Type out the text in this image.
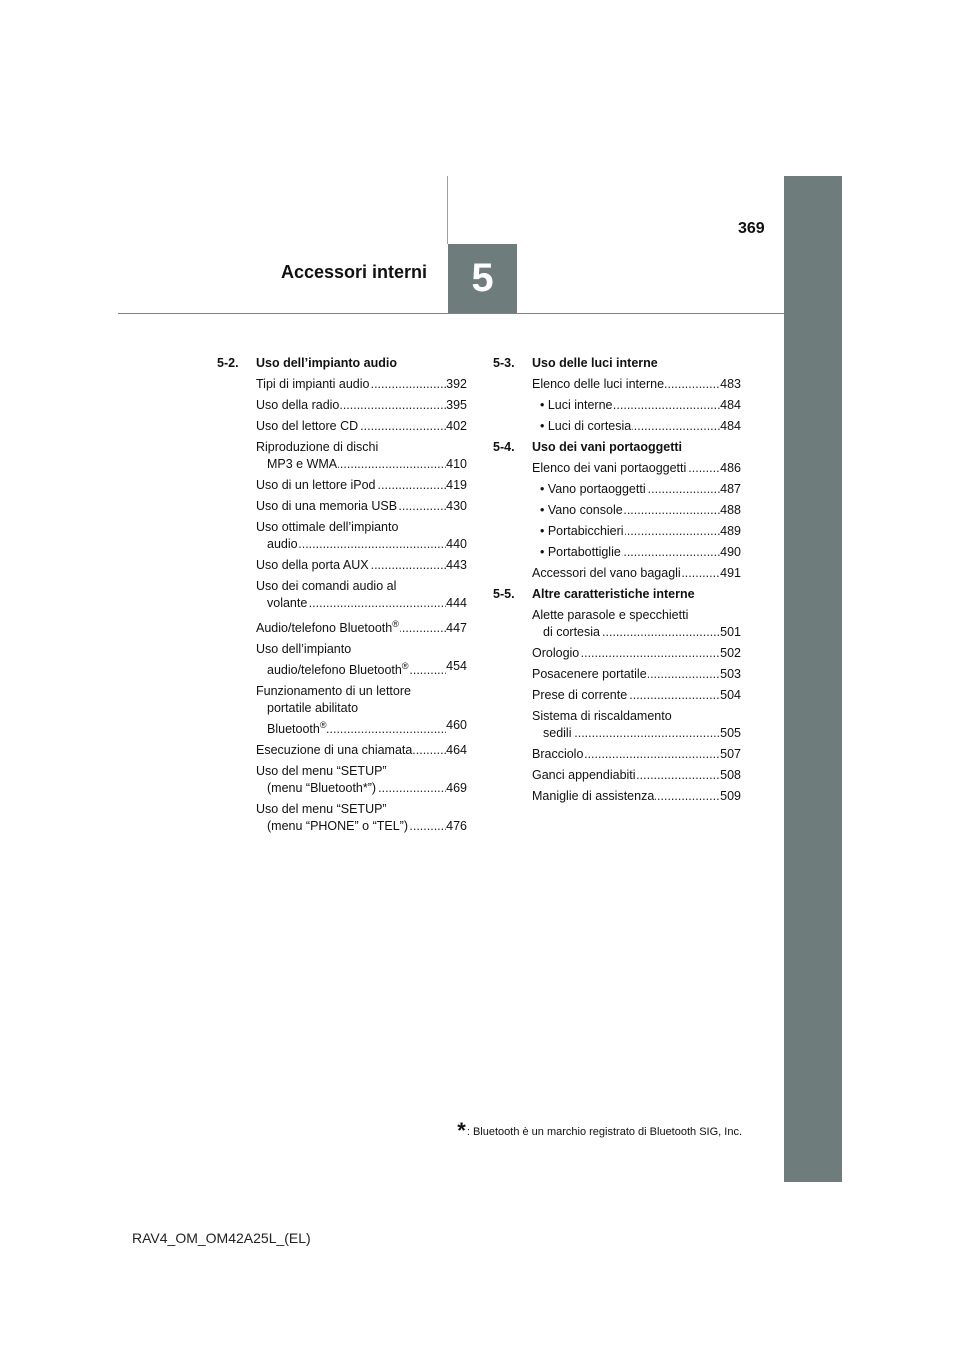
5
Accessori interni
369
5-2.	Uso dell’impianto audio
Tipi di impianti audio .....	392
Uso della radio .....	395
Uso del lettore CD .....	402
Riproduzione di dischi
MP3 e WMA .....	410
Uso di un lettore iPod .....	419
Uso di una memoria USB .....	430
Uso ottimale dell’impianto
audio .....	440
Uso della porta AUX .....	443
Uso dei comandi audio al
volante .....	444
Audio/telefono Bluetooth® .....	447
Uso dell’impianto
audio/telefono Bluetooth® .....	454
Funzionamento di un lettore
portatile abilitato
Bluetooth® .....	460
Esecuzione di una chiamata .....	464
Uso del menu “SETUP”
(menu “Bluetooth*”) .....	469
Uso del menu “SETUP”
(menu “PHONE” o “TEL”) .....	476
5-3.	Uso delle luci interne
Elenco delle luci interne .....	483
• Luci interne .....	484
• Luci di cortesia .....	484
5-4.	Uso dei vani portaoggetti
Elenco dei vani portaoggetti .....	486
• Vano portaoggetti .....	487
• Vano console .....	488
• Portabicchieri .....	489
• Portabottiglie .....	490
Accessori del vano bagagli .....	491
5-5.	Altre caratteristiche interne
Alette parasole e specchietti
di cortesia .....	501
Orologio .....	502
Posacenere portatile .....	503
Prese di corrente .....	504
Sistema di riscaldamento
sedili .....	505
Bracciolo .....	507
Ganci appendiabiti .....	508
Maniglie di assistenza .....	509
* : Bluetooth è un marchio registrato di Bluetooth SIG, Inc.
RAV4_OM_OM42A25L_(EL)
